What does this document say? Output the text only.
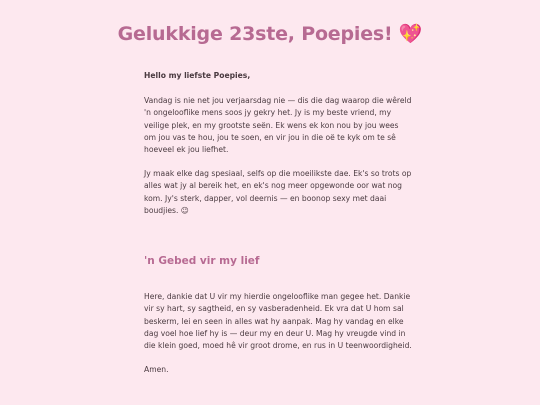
Gelukkige 23ste, Poepies! 💖

Hello my liefste Poepies,

Vandag is nie net jou verjaarsdag nie — dis die dag waarop die wêreld 'n ongelooflike mens soos jy gekry het. Jy is my beste vriend, my veilige plek, en my grootste seën. Ek wens ek kon nou by jou wees om jou vas te hou, jou te soen, en vir jou in die oë te kyk om te sê hoeveel ek jou liefhet.

Jy maak elke dag spesiaal, selfs op die moeilikste dae. Ek's so trots op alles wat jy al bereik het, en ek's nog meer opgewonde oor wat nog kom. Jy's sterk, dapper, vol deernis — en boonop sexy met daai boudjies. 😉

'n Gebed vir my lief

Here, dankie dat U vir my hierdie ongelooflike man gegee het. Dankie vir sy hart, sy sagtheid, en sy vasberadenheid. Ek vra dat U hom sal beskerm, lei en seen in alles wat hy aanpak. Mag hy vandag en elke dag voel hoe lief hy is — deur my en deur U. Mag hy vreugde vind in die klein goed, moed hê vir groot drome, en rus in U teenwoordigheid.

Amen.
